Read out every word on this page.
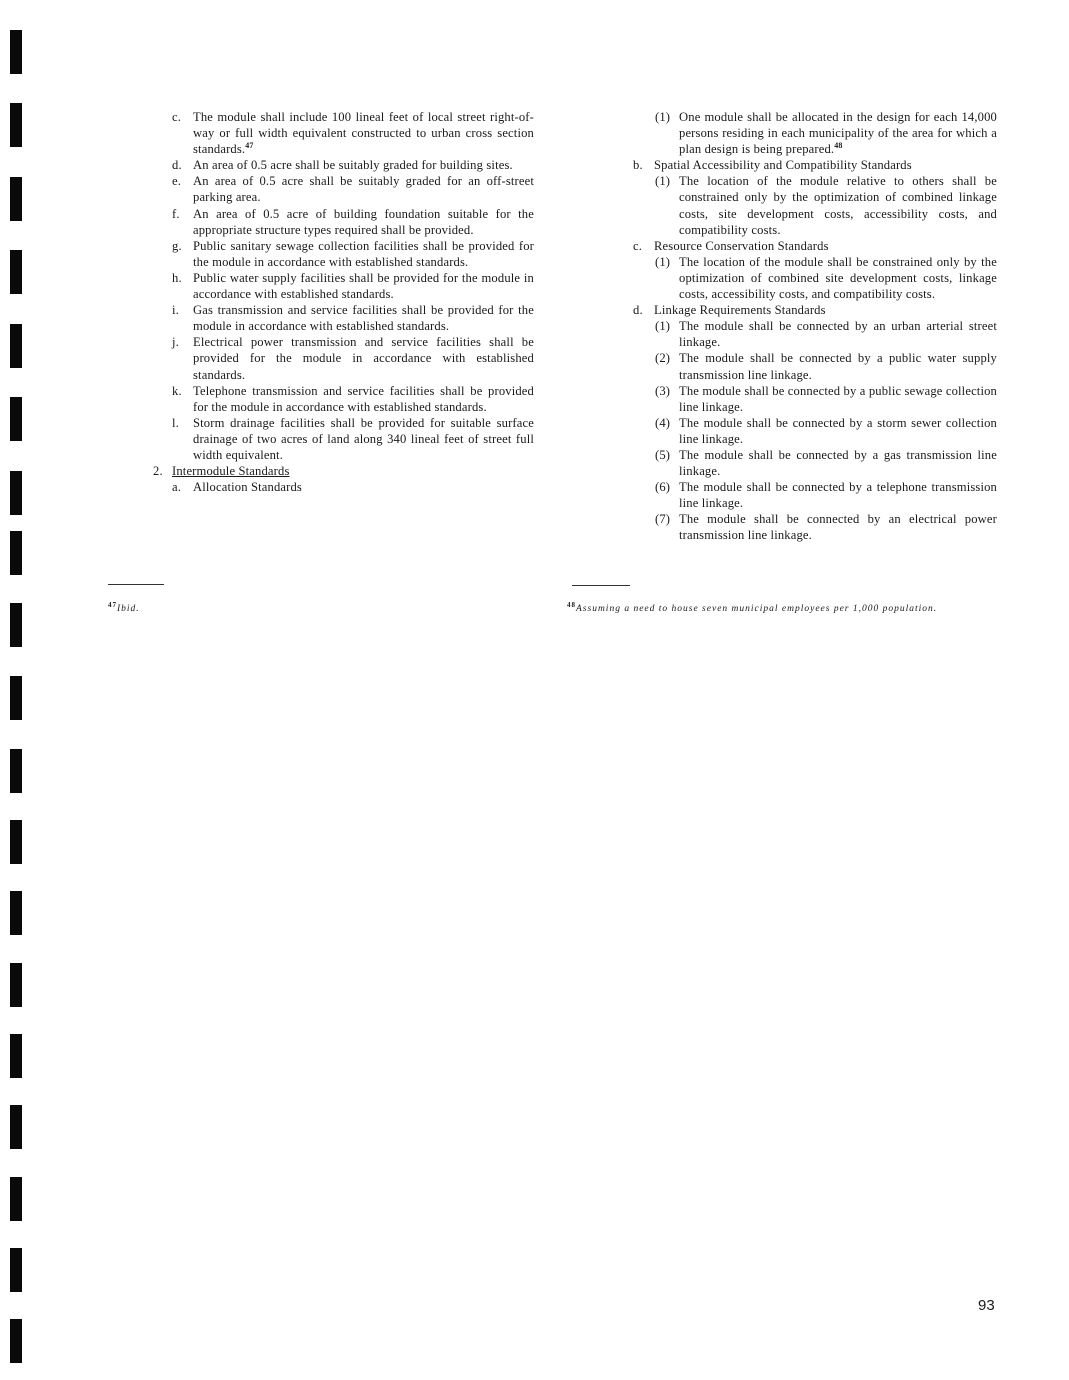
c. The module shall include 100 lineal feet of local street right-of-way or full width equivalent constructed to urban cross section standards.$^{47}$
d. An area of 0.5 acre shall be suitably graded for building sites.
e. An area of 0.5 acre shall be suitably graded for an off-street parking area.
f. An area of 0.5 acre of building foundation suitable for the appropriate structure types required shall be provided.
g. Public sanitary sewage collection facilities shall be provided for the module in accordance with established standards.
h. Public water supply facilities shall be provided for the module in accordance with established standards.
i. Gas transmission and service facilities shall be provided for the module in accordance with established standards.
j. Electrical power transmission and service facilities shall be provided for the module in accordance with established standards.
k. Telephone transmission and service facilities shall be provided for the module in accordance with established standards.
l. Storm drainage facilities shall be provided for suitable surface drainage of two acres of land along 340 lineal feet of street full width equivalent.
2. Intermodule Standards
a. Allocation Standards
(1) One module shall be allocated in the design for each 14,000 persons residing in each municipality of the area for which a plan design is being prepared.$^{48}$
b. Spatial Accessibility and Compatibility Standards
(1) The location of the module relative to others shall be constrained only by the optimization of combined linkage costs, site development costs, accessibility costs, and compatibility costs.
c. Resource Conservation Standards
(1) The location of the module shall be constrained only by the optimization of combined site development costs, linkage costs, accessibility costs, and compatibility costs.
d. Linkage Requirements Standards
(1) The module shall be connected by an urban arterial street linkage.
(2) The module shall be connected by a public water supply transmission line linkage.
(3) The module shall be connected by a public sewage collection line linkage.
(4) The module shall be connected by a storm sewer collection line linkage.
(5) The module shall be connected by a gas transmission line linkage.
(6) The module shall be connected by a telephone transmission line linkage.
(7) The module shall be connected by an electrical power transmission line linkage.
$^{47}$Ibid.	$^{48}$Assuming a need to house seven municipal employees per 1,000 population.
93
